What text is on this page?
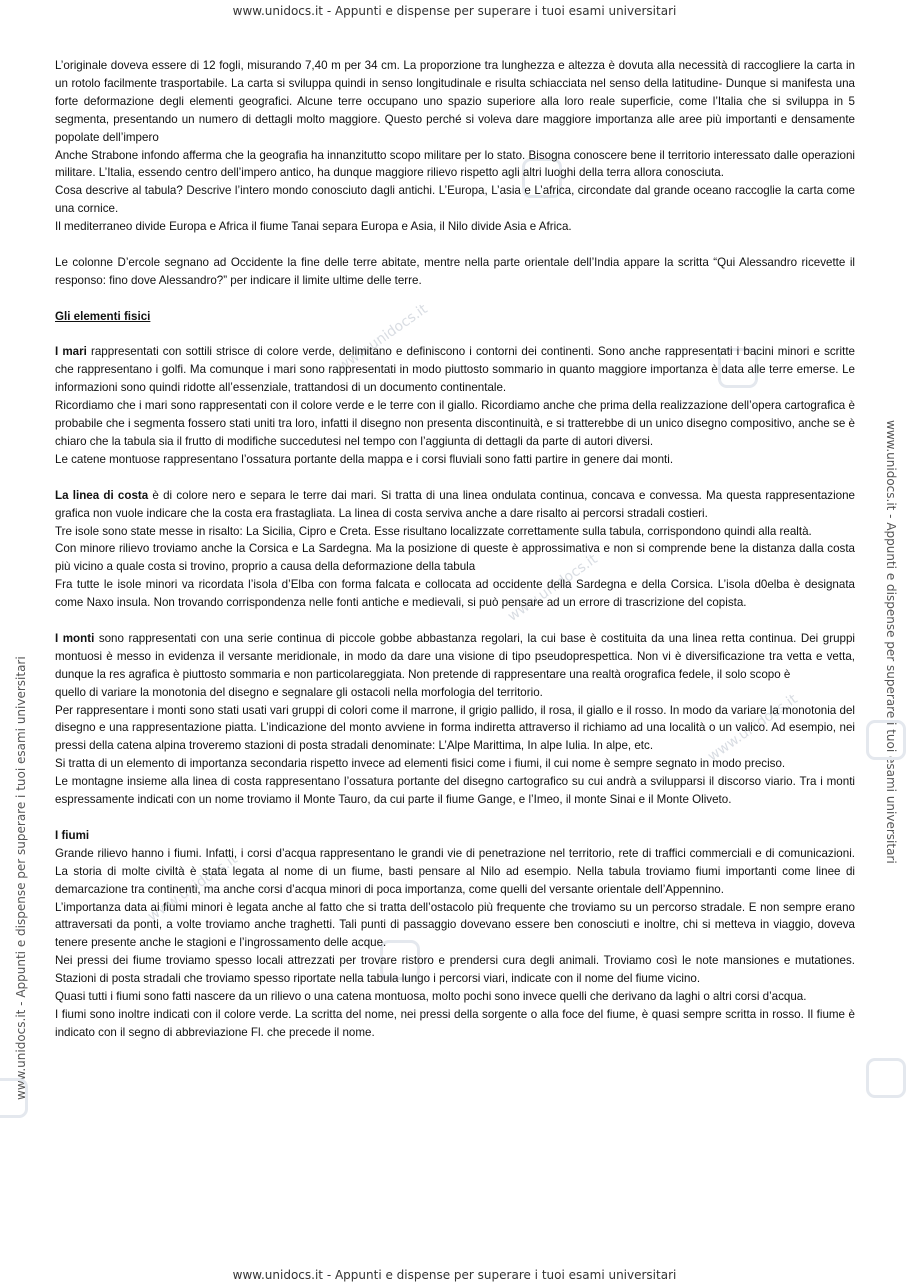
www.unidocs.it - Appunti e dispense per superare i tuoi esami universitari
www.unidocs.it - Appunti e dispense per superare i tuoi esami universitari
www.unidocs.it - Appunti e dispense per superare i tuoi esami universitari
www.unidocs.it - Appunti e dispense per superare i tuoi esami universitari
www.unidocs.it
www.unidocs.it
www.unidocs.it
www.unidocs.it

L’originale doveva essere di 12 fogli, misurando 7,40 m per 34 cm. La proporzione tra lunghezza e altezza è dovuta alla necessità di raccogliere la carta in un rotolo facilmente trasportabile. La carta si sviluppa quindi in senso longitudinale e risulta schiacciata nel senso della latitudine- Dunque si manifesta una forte deformazione degli elementi geografici. Alcune terre occupano uno spazio superiore alla loro reale superficie, come l’Italia che si sviluppa in 5 segmenta, presentando un numero di dettagli molto maggiore. Questo perché si voleva dare maggiore importanza alle aree più importanti e densamente popolate dell’impero

Anche Strabone infondo afferma che la geografia ha innanzitutto scopo militare per lo stato. Bisogna conoscere bene il territorio interessato dalle operazioni militare. L’Italia, essendo centro dell’impero antico, ha dunque maggiore rilievo rispetto agli altri luoghi della terra allora conosciuta.

Cosa descrive al tabula? Descrive l’intero mondo conosciuto dagli antichi. L’Europa, L’asia e L’africa, circondate dal grande oceano raccoglie la carta come una cornice.

Il mediterraneo divide Europa e Africa il fiume Tanai separa Europa e Asia, il Nilo divide Asia e Africa.

Le colonne D’ercole segnano ad Occidente la fine delle terre abitate, mentre nella parte orientale dell’India appare la scritta “Qui Alessandro ricevette il responso: fino dove Alessandro?” per indicare il limite ultime delle terre.

Gli elementi fisici

I mari rappresentati con sottili strisce di colore verde, delimitano e definiscono i contorni dei continenti. Sono anche rappresentati i bacini minori e scritte che rappresentano i golfi. Ma comunque i mari sono rappresentati in modo piuttosto sommario in quanto maggiore importanza è data alle terre emerse. Le informazioni sono quindi ridotte all’essenziale, trattandosi di un documento continentale.

Ricordiamo che i mari sono rappresentati con il colore verde e le terre con il giallo. Ricordiamo anche che prima della realizzazione dell’opera cartografica è probabile che i segmenta fossero stati uniti tra loro, infatti il disegno non presenta discontinuità, e si tratterebbe di un unico disegno compositivo, anche se è chiaro che la tabula sia il frutto di modifiche succedutesi nel tempo con l’aggiunta di dettagli da parte di autori diversi.

Le catene montuose rappresentano l’ossatura portante della mappa e i corsi fluviali sono fatti partire in genere dai monti.

La linea di costa è di colore nero e separa le terre dai mari. Si tratta di una linea ondulata continua, concava e convessa. Ma questa rappresentazione grafica non vuole indicare che la costa era frastagliata. La linea di costa serviva anche a dare risalto ai percorsi stradali costieri.

Tre isole sono state messe in risalto: La Sicilia, Cipro e Creta. Esse risultano localizzate correttamente sulla tabula, corrispondono quindi alla realtà.

Con minore rilievo troviamo anche la Corsica e La Sardegna. Ma la posizione di queste è approssimativa e non si comprende bene la distanza dalla costa più vicino a quale costa si trovino, proprio a causa della deformazione della tabula

Fra tutte le isole minori va ricordata l’isola d’Elba con forma falcata e collocata ad occidente della Sardegna e della Corsica. L’isola d0elba è designata come Naxo insula. Non trovando corrispondenza nelle fonti antiche e medievali, si può pensare ad un errore di trascrizione del copista.

I monti sono rappresentati con una serie continua di piccole gobbe abbastanza regolari, la cui base è costituita da una linea retta continua. Dei gruppi montuosi è messo in evidenza il versante meridionale, in modo da dare una visione di tipo pseudoprespettica. Non vi è diversificazione tra vetta e vetta, dunque la res agrafica è piuttosto sommaria e non particolareggiata. Non pretende di rappresentare una realtà orografica fedele, il solo scopo è

quello di variare la monotonia del disegno e segnalare gli ostacoli nella morfologia del territorio.

Per rappresentare i monti sono stati usati vari gruppi di colori come il marrone, il grigio pallido, il rosa, il giallo e il rosso. In modo da variare la monotonia del disegno e una rappresentazione piatta. L’indicazione del monto avviene in forma indiretta attraverso il richiamo ad una località o un valico. Ad esempio, nei pressi della catena alpina troveremo stazioni di posta stradali denominate: L’Alpe Marittima, In alpe Iulia. In alpe, etc.

Si tratta di un elemento di importanza secondaria rispetto invece ad elementi fisici come i fiumi, il cui nome è sempre segnato in modo preciso.

Le montagne insieme alla linea di costa rappresentano l’ossatura portante del disegno cartografico su cui andrà a svilupparsi il discorso viario. Tra i monti espressamente indicati con un nome troviamo il Monte Tauro, da cui parte il fiume Gange, e l’Imeo, il monte Sinai e il Monte Oliveto.

I fiumi

Grande rilievo hanno i fiumi. Infatti, i corsi d’acqua rappresentano le grandi vie di penetrazione nel territorio, rete di traffici commerciali e di comunicazioni. La storia di molte civiltà è stata legata al nome di un fiume, basti pensare al Nilo ad esempio. Nella tabula troviamo fiumi importanti come linee di demarcazione tra continenti, ma anche corsi d’acqua minori di poca importanza, come quelli del versante orientale dell’Appennino.

L’importanza data ai fiumi minori è legata anche al fatto che si tratta dell’ostacolo più frequente che troviamo su un percorso stradale. E non sempre erano attraversati da ponti, a volte troviamo anche traghetti. Tali punti di passaggio dovevano essere ben conosciuti e inoltre, chi si metteva in viaggio, doveva tenere presente anche le stagioni e l’ingrossamento delle acque.

Nei pressi dei fiume troviamo spesso locali attrezzati per trovare ristoro e prendersi cura degli animali. Troviamo così le note mansiones e mutationes. Stazioni di posta stradali che troviamo spesso riportate nella tabula lungo i percorsi viari, indicate con il nome del fiume vicino.

Quasi tutti i fiumi sono fatti nascere da un rilievo o una catena montuosa, molto pochi sono invece quelli che derivano da laghi o altri corsi d’acqua.

I fiumi sono inoltre indicati con il colore verde. La scritta del nome, nei pressi della sorgente o alla foce del fiume, è quasi sempre scritta in rosso. Il fiume è indicato con il segno di abbreviazione Fl. che precede il nome.
